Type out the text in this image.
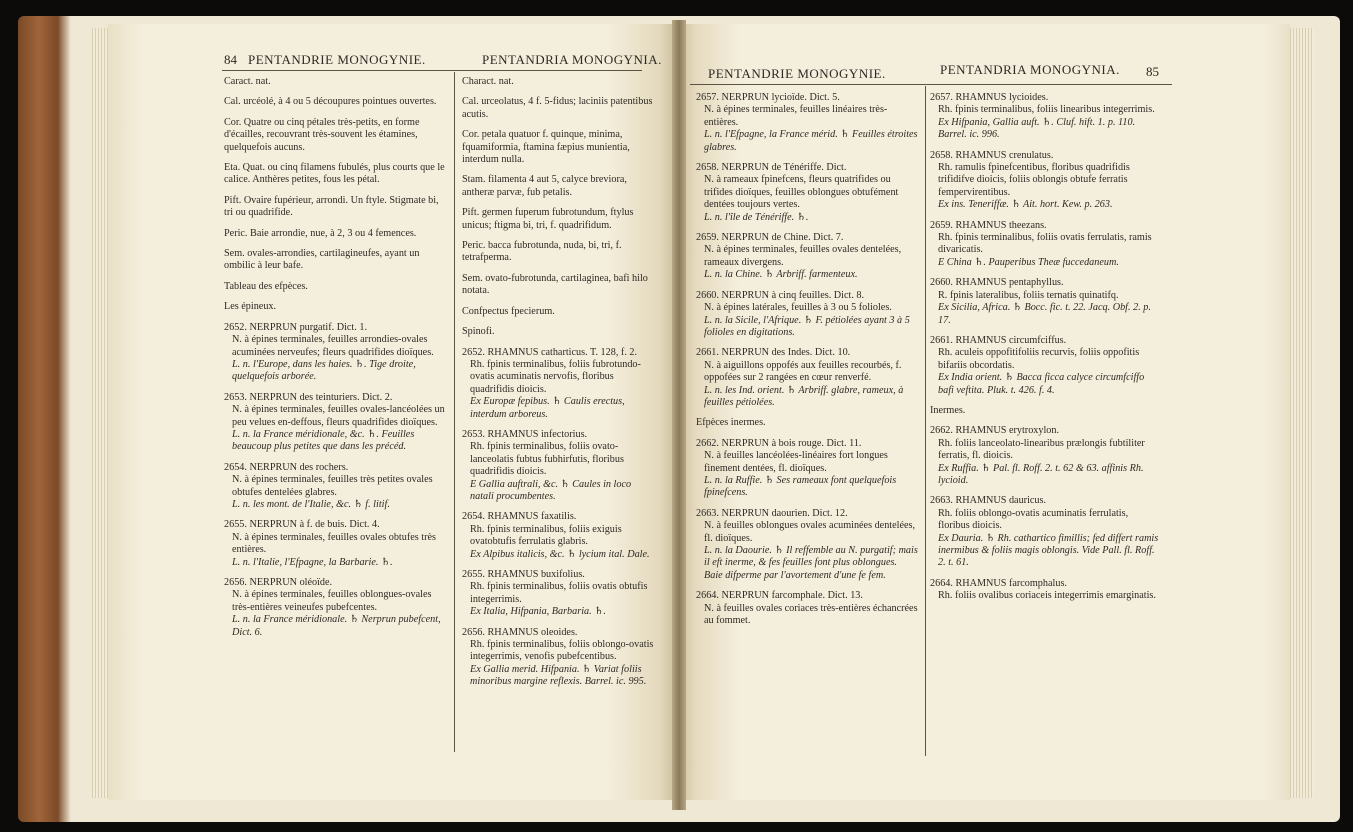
84 PENTANDRIE MONOGYNIE.	PENTANDRIA MONOGYNIA.
PENTANDRIE MONOGYNIE.	PENTANDRIA MONOGYNIA. 85

Caract. nat.

Cal. urcéolé, à 4 ou 5 découpures pointues ouvertes.

Cor. Quatre ou cinq pétales très-petits, en forme d'écailles, recouvrant très-souvent les étamines, quelquefois aucuns.

Eta. Quat. ou cinq filamens fubulés, plus courts que le calice. Anthères petites, fous les pétal.

Pift. Ovaire fupérieur, arrondi. Un ftyle. Stigmate bi, tri ou quadrifide.

Peric. Baie arrondie, nue, à 2, 3 ou 4 femences.

Sem. ovales-arrondies, cartilagineufes, ayant un ombilic à leur bafe.

Tableau des efpèces.

Les épineux.

2652. NERPRUN purgatif. Dict. 1.

N. à épines terminales, feuilles arrondies-ovales acuminées nerveufes; fleurs quadrifides dioïques.

L. n. l'Europe, dans les haies. ♄. Tige droite, quelquefois arborée.

2653. NERPRUN des teinturiers. Dict. 2.

N. à épines terminales, feuilles ovales-lancéolées un peu velues en-deffous, fleurs quadrifides dioïques.

L. n. la France méridionale, &c. ♄. Feuilles beaucoup plus petites que dans les précéd.

2654. NERPRUN des rochers.

N. à épines terminales, feuilles très petites ovales obtufes dentelées glabres.

L. n. les mont. de l'Italie, &c. ♄ f. litif.

2655. NERPRUN à f. de buis. Dict. 4.

N. à épines terminales, feuilles ovales obtufes très entières.

L. n. l'Italie, l'Efpagne, la Barbarie. ♄.

2656. NERPRUN oléoïde.

N. à épines terminales, feuilles oblongues-ovales très-entières veineufes pubefcentes.

L. n. la France méridionale. ♄ Nerprun pubefcent, Dict. 6.

Charact. nat.

Cal. urceolatus, 4 f. 5-fidus; laciniis patentibus acutis.

Cor. petala quatuor f. quinque, minima, fquamiformia, ftamina fæpius munientia, interdum nulla.

Stam. filamenta 4 aut 5, calyce breviora, antheræ parvæ, fub petalis.

Pift. germen fuperum fubrotundum, ftylus unicus; ftigma bi, tri, f. quadrifidum.

Peric. bacca fubrotunda, nuda, bi, tri, f. tetrafperma.

Sem. ovato-fubrotunda, cartilaginea, bafi hilo notata.

Confpectus fpecierum.

Spinofi.

2652. RHAMNUS catharticus. T. 128, f. 2.

Rh. fpinis terminalibus, foliis fubrotundo-ovatis acuminatis nervofis, floribus quadrifidis dioicis.

Ex Europæ fepibus. ♄ Caulis erectus, interdum arboreus.

2653. RHAMNUS infectorius.

Rh. fpinis terminalibus, foliis ovato-lanceolatis fubtus fubhirfutis, floribus quadrifidis dioicis.

E Gallia auftrali, &c. ♄ Caules in loco natali procumbentes.

2654. RHAMNUS faxatilis.

Rh. fpinis terminalibus, foliis exiguis ovatobtufis ferrulatis glabris.

Ex Alpibus italicis, &c. ♄ lycium ital. Dale.

2655. RHAMNUS buxifolius.

Rh. fpinis terminalibus, foliis ovatis obtufis integerrimis.

Ex Italia, Hifpania, Barbaria. ♄.

2656. RHAMNUS oleoides.

Rh. fpinis terminalibus, foliis oblongo-ovatis integerrimis, venofis pubefcentibus.

Ex Gallia merid. Hifpania. ♄ Variat foliis minoribus margine reflexis. Barrel. ic. 995.

2657. NERPRUN lycioïde. Dict. 5.

N. à épines terminales, feuilles linéaires très-entières.

L. n. l'Efpagne, la France mérid. ♄ Feuilles étroites glabres.

2658. NERPRUN de Ténériffe. Dict.

N. à rameaux fpinefcens, fleurs quatrifides ou trifides dioïques, feuilles oblongues obtufément dentées toujours vertes.

L. n. l'île de Ténériffe. ♄.

2659. NERPRUN de Chine. Dict. 7.

N. à épines terminales, feuilles ovales dentelées, rameaux divergens.

L. n. la Chine. ♄ Arbriff. farmenteux.

2660. NERPRUN à cinq feuilles. Dict. 8.

N. à épines latérales, feuilles à 3 ou 5 folioles.

L. n. la Sicile, l'Afrique. ♄ F. pétiolées ayant 3 à 5 folioles en digitations.

2661. NERPRUN des Indes. Dict. 10.

N. à aiguillons oppofés aux feuilles recourbés, f. oppofées sur 2 rangées en cœur renverfé.

L. n. les Ind. orient. ♄ Arbriff. glabre, rameux, à feuilles pétiolées.

Efpèces inermes.

2662. NERPRUN à bois rouge. Dict. 11.

N. à feuilles lancéolées-linéaires fort longues finement dentées, fl. dioïques.

L. n. la Ruffie. ♄ Ses rameaux font quelquefois fpinefcens.

2663. NERPRUN daourien. Dict. 12.

N. à feuilles oblongues ovales acuminées dentelées, fl. dioïques.

L. n. la Daourie. ♄ Il reffemble au N. purgatif; mais il eft inerme, & fes feuilles font plus oblongues. Baie difperme par l'avortement d'une fe fem.

2664. NERPRUN farcomphale. Dict. 13.

N. à feuilles ovales coriaces très-entières échancrées au fommet.

2657. RHAMNUS lycioides.

Rh. fpinis terminalibus, foliis linearibus integerrimis.

Ex Hifpania, Gallia auft. ♄. Cluf. hift. 1. p. 110. Barrel. ic. 996.

2658. RHAMNUS crenulatus.

Rh. ramulis fpinefcentibus, floribus quadrifidis trifidifve dioicis, foliis oblongis obtufe ferratis fempervirentibus.

Ex ins. Teneriffæ. ♄ Ait. hort. Kew. p. 263.

2659. RHAMNUS theezans.

Rh. fpinis terminalibus, foliis ovatis ferrulatis, ramis divaricatis.

E China ♄. Pauperibus Theæ fuccedaneum.

2660. RHAMNUS pentaphyllus.

R. fpinis lateralibus, foliis ternatis quinatifq.

Ex Sicilia, Africa. ♄ Bocc. fic. t. 22. Jacq. Obf. 2. p. 17.

2661. RHAMNUS circumfciffus.

Rh. aculeis oppofitifoliis recurvis, foliis oppofitis bifariis obcordatis.

Ex India orient. ♄ Bacca ficca calyce circumfciffo bafi veftita. Pluk. t. 426. f. 4.

Inermes.

2662. RHAMNUS erytroxylon.

Rh. foliis lanceolato-linearibus prælongis fubtiliter ferratis, fl. dioicis.

Ex Ruffia. ♄ Pal. fl. Roff. 2. t. 62 & 63. affinis Rh. lycioid.

2663. RHAMNUS dauricus.

Rh. foliis oblongo-ovatis acuminatis ferrulatis, floribus dioicis.

Ex Dauria. ♄ Rh. cathartico fimillis; fed differt ramis inermibus & foliis magis oblongis. Vide Pall. fl. Roff. 2. t. 61.

2664. RHAMNUS farcomphalus.

Rh. foliis ovalibus coriaceis integerrimis emarginatis.
